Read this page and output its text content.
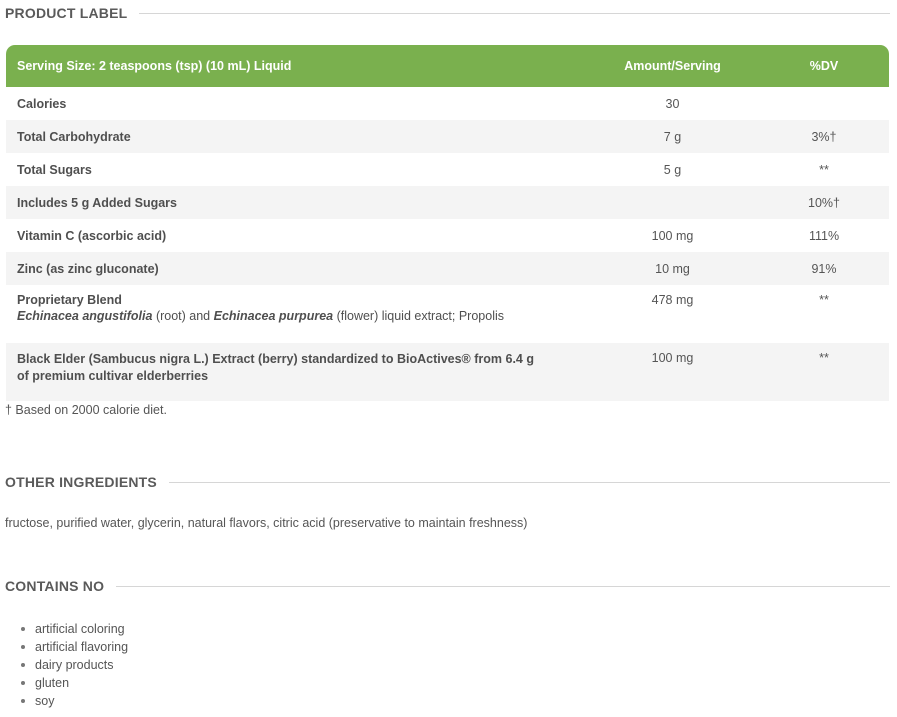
PRODUCT LABEL
Serving Size: 2 teaspoons (tsp) (10 mL) Liquid	Amount/Serving	%DV
Calories	30	
Total Carbohydrate	7 g	3%†
Total Sugars	5 g	**
Includes 5 g Added Sugars		10%†
Vitamin C (ascorbic acid)	100 mg	111%
Zinc (as zinc gluconate)	10 mg	91%
Proprietary Blend
Echinacea angustifolia (root) and Echinacea purpurea (flower) liquid extract; Propolis	478 mg	**

Black Elder (Sambucus nigra L.) Extract (berry) standardized to BioActives® from 6.4 g of premium cultivar elderberries	100 mg	**
† Based on 2000 calorie diet.
OTHER INGREDIENTS
fructose, purified water, glycerin, natural flavors, citric acid (preservative to maintain freshness)
CONTAINS NO
artificial coloring
artificial flavoring
dairy products
gluten
soy
